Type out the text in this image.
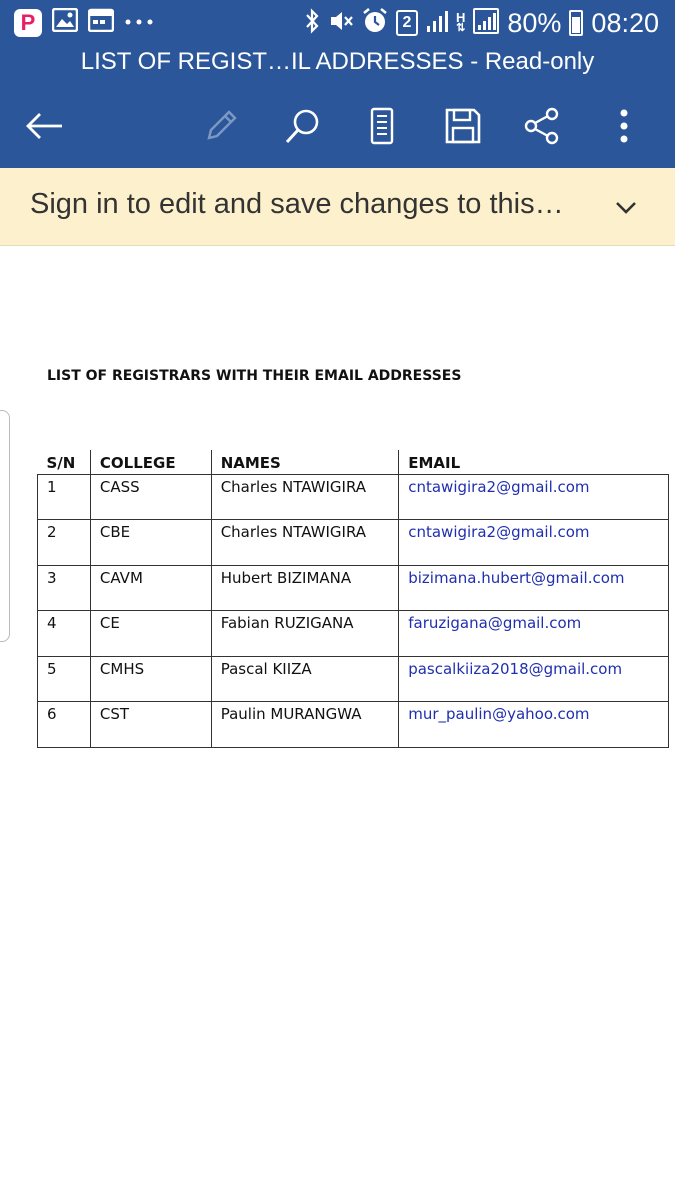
P	2	H
⇅ 80% 08:20
LIST OF REGIST…IL ADDRESSES - Read-only
Sign in to edit and save changes to this…
LIST OF REGISTRARS WITH THEIR EMAIL ADDRESSES
S/N	COLLEGE	NAMES	EMAIL
1	CASS	Charles NTAWIGIRA	cntawigira2@gmail.com
2	CBE	Charles NTAWIGIRA	cntawigira2@gmail.com
3	CAVM	Hubert BIZIMANA	bizimana.hubert@gmail.com
4	CE	Fabian RUZIGANA	faruzigana@gmail.com
5	CMHS	Pascal KIIZA	pascalkiiza2018@gmail.com
6	CST	Paulin MURANGWA	mur_paulin@yahoo.com
